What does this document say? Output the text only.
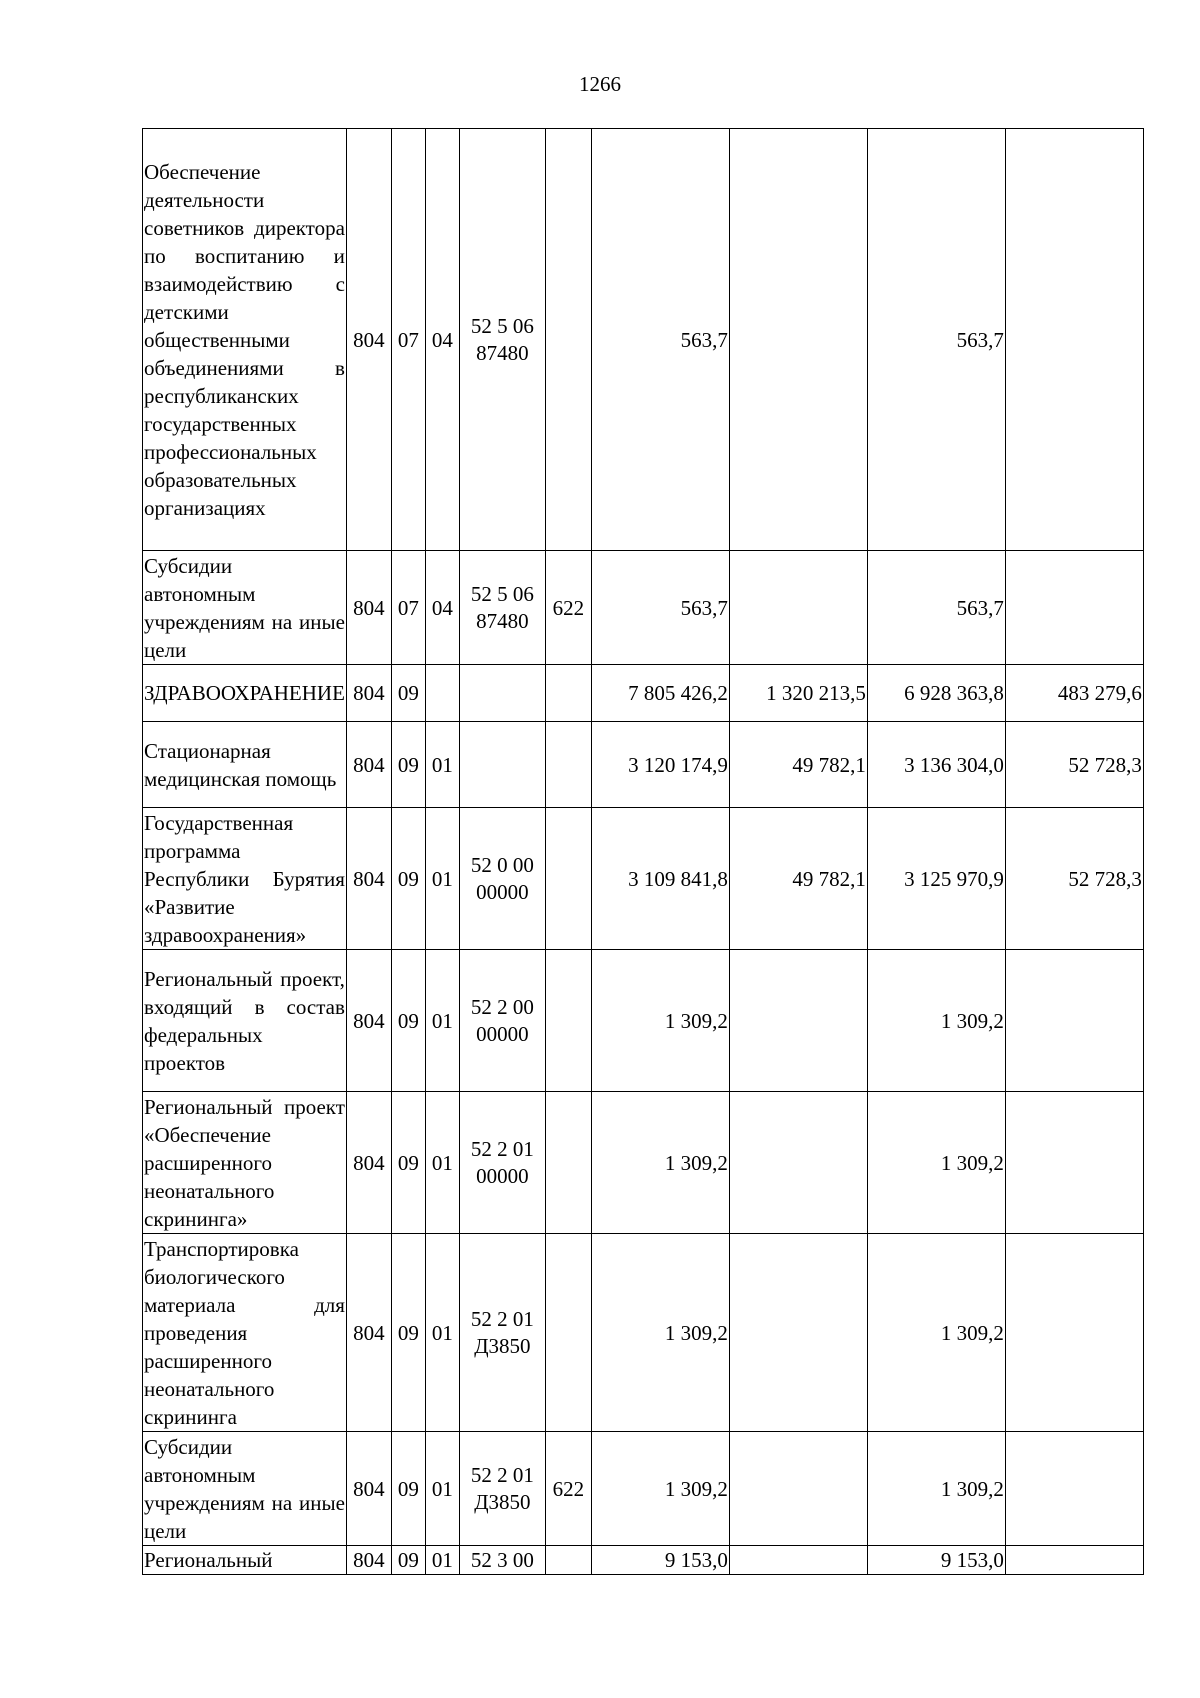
1266
Обеспечение деятельности советников директора по воспитанию и взаимодействию с детскими общественными объединениями в республиканских государственных профессиональных образовательных организациях	804	07	04	52 5 06 87480		563,7		563,7	
Субсидии автономным учреждениям на иные цели	804	07	04	52 5 06 87480	622	563,7		563,7	
ЗДРАВООХРАНЕНИЕ	804	09				7 805 426,2	1 320 213,5	6 928 363,8	483 279,6
Стационарная медицинская помощь	804	09	01			3 120 174,9	49 782,1	3 136 304,0	52 728,3
Государственная программа Республики Бурятия «Развитие здравоохранения»	804	09	01	52 0 00 00000		3 109 841,8	49 782,1	3 125 970,9	52 728,3
Региональный проект, входящий в состав федеральных проектов	804	09	01	52 2 00 00000		1 309,2		1 309,2	
Региональный проект «Обеспечение расширенного неонатального скрининга»	804	09	01	52 2 01 00000		1 309,2		1 309,2	
Транспортировка биологического материала для проведения расширенного неонатального скрининга	804	09	01	52 2 01 Д3850		1 309,2		1 309,2	
Субсидии автономным учреждениям на иные цели	804	09	01	52 2 01 Д3850	622	1 309,2		1 309,2	
Региональный	804	09	01	52 3 00		9 153,0		9 153,0	
